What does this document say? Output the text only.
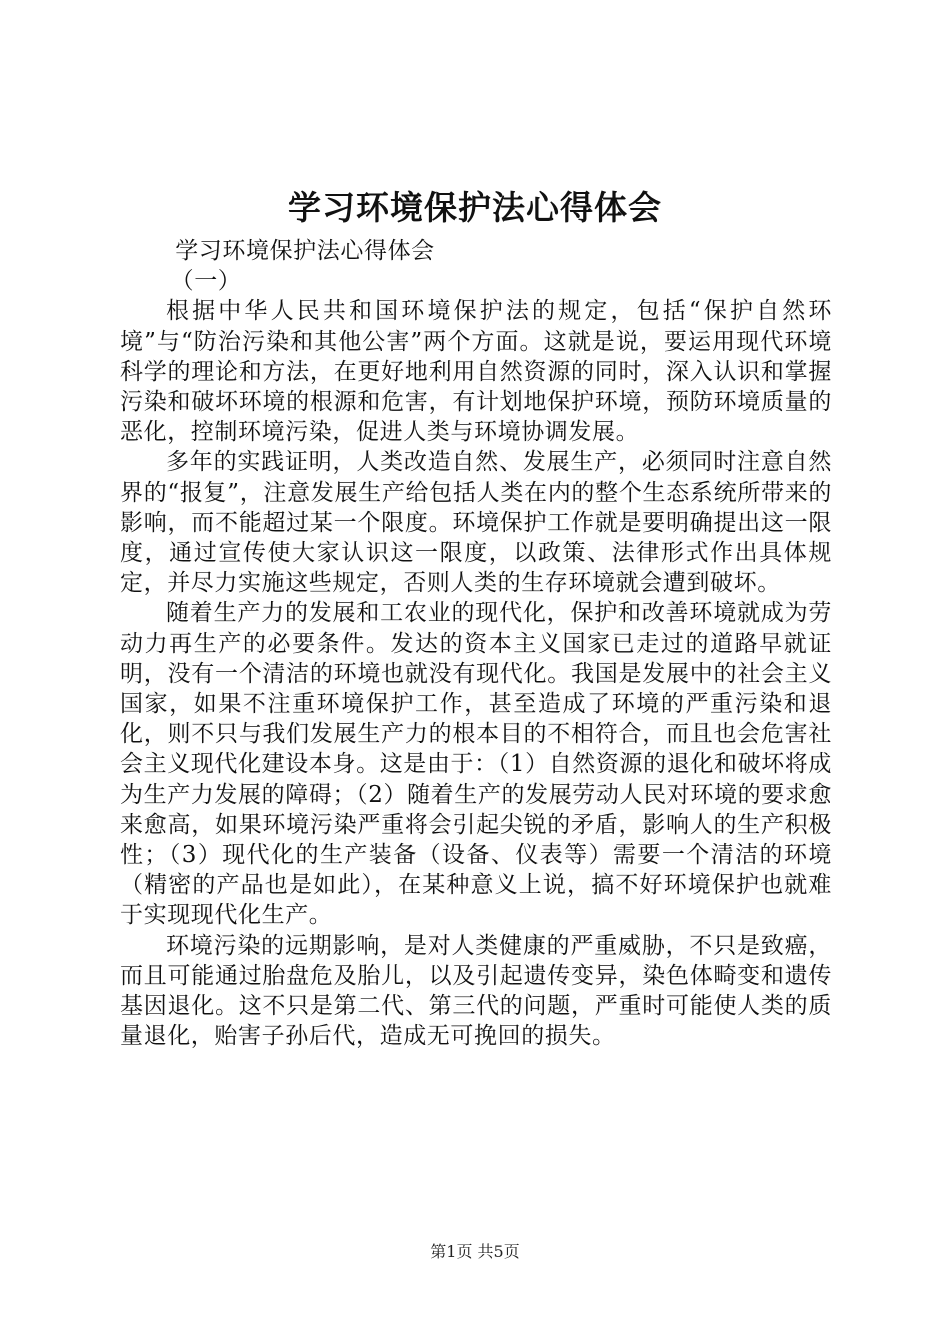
学习环境保护法心得体会

学习环境保护法心得体会

（一）

根据中华人民共和国环境保护法的规定，包括“保护自然环境”与“防治污染和其他公害”两个方面。这就是说，要运用现代环境科学的理论和方法，在更好地利用自然资源的同时，深入认识和掌握污染和破坏环境的根源和危害，有计划地保护环境，预防环境质量的恶化，控制环境污染，促进人类与环境协调发展。

多年的实践证明，人类改造自然、发展生产，必须同时注意自然界的“报复”，注意发展生产给包括人类在内的整个生态系统所带来的影响，而不能超过某一个限度。环境保护工作就是要明确提出这一限度，通过宣传使大家认识这一限度，以政策、法律形式作出具体规定，并尽力实施这些规定，否则人类的生存环境就会遭到破坏。

随着生产力的发展和工农业的现代化，保护和改善环境就成为劳动力再生产的必要条件。发达的资本主义国家已走过的道路早就证明，没有一个清洁的环境也就没有现代化。我国是发展中的社会主义国家，如果不注重环境保护工作，甚至造成了环境的严重污染和退化，则不只与我们发展生产力的根本目的不相符合，而且也会危害社会主义现代化建设本身。这是由于：（1）自然资源的退化和破坏将成为生产力发展的障碍；（2）随着生产的发展劳动人民对环境的要求愈来愈高，如果环境污染严重将会引起尖锐的矛盾，影响人的生产积极性；（3）现代化的生产装备（设备、仪表等）需要一个清洁的环境（精密的产品也是如此），在某种意义上说，搞不好环境保护也就难于实现现代化生产。

环境污染的远期影响，是对人类健康的严重威胁，不只是致癌，而且可能通过胎盘危及胎儿，以及引起遗传变异，染色体畸变和遗传基因退化。这不只是第二代、第三代的问题，严重时可能使人类的质量退化，贻害子孙后代，造成无可挽回的损失。

第1页 共5页
